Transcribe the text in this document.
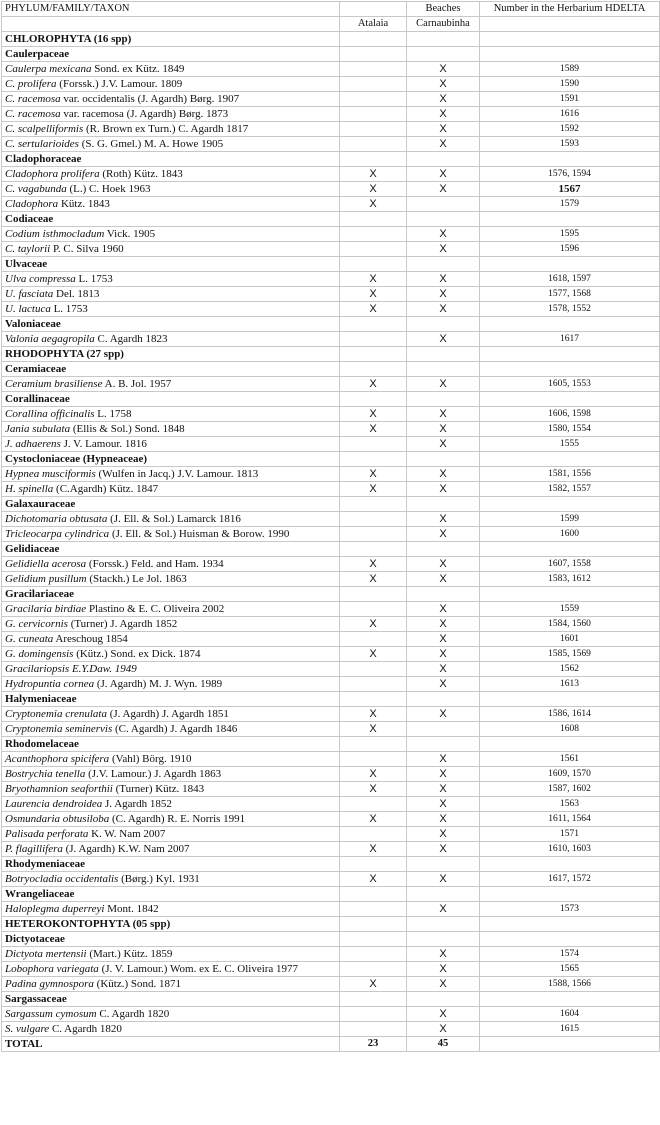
PHYLUM/FAMILY/TAXON		Beaches	Number in the Herbarium HDELTA
	Atalaia	Carnaubinha	
CHLOROPHYTA (16 spp)			
Caulerpaceae			
Caulerpa mexicana Sond. ex Kütz. 1849		X	1589
C. prolifera (Forssk.) J.V. Lamour. 1809		X	1590
C. racemosa var. occidentalis (J. Agardh) Børg. 1907		X	1591
C. racemosa var. racemosa (J. Agardh) Børg. 1873		X	1616
C. scalpelliformis (R. Brown ex Turn.) C. Agardh 1817		X	1592
C. sertularioides (S. G. Gmel.) M. A. Howe 1905		X	1593
Cladophoraceae			
Cladophora prolifera (Roth) Kütz. 1843	X	X	1576, 1594
C. vagabunda (L.) C. Hoek 1963	X	X	1567
Cladophora Kütz. 1843	X		1579
Codiaceae			
Codium isthmocladum Vick. 1905		X	1595
C. taylorii P. C. Silva 1960		X	1596
Ulvaceae			
Ulva compressa L. 1753	X	X	1618, 1597
U. fasciata Del. 1813	X	X	1577, 1568
U. lactuca L. 1753	X	X	1578, 1552
Valoniaceae			
Valonia aegagropila C. Agardh 1823		X	1617
RHODOPHYTA (27 spp)			
Ceramiaceae			
Ceramium brasiliense A. B. Jol. 1957	X	X	1605, 1553
Corallinaceae			
Corallina officinalis L. 1758	X	X	1606, 1598
Jania subulata (Ellis & Sol.) Sond. 1848	X	X	1580, 1554
J. adhaerens J. V. Lamour. 1816		X	1555
Cystocloniaceae (Hypneaceae)			
Hypnea musciformis (Wulfen in Jacq.) J.V. Lamour. 1813	X	X	1581, 1556
H. spinella (C.Agardh) Kütz. 1847	X	X	1582, 1557
Galaxauraceae			
Dichotomaria obtusata (J. Ell. & Sol.) Lamarck 1816		X	1599
Tricleocarpa cylindrica (J. Ell. & Sol.) Huisman & Borow. 1990		X	1600
Gelidiaceae			
Gelidiella acerosa (Forssk.) Feld. and Ham. 1934	X	X	1607, 1558
Gelidium pusillum (Stackh.) Le Jol. 1863	X	X	1583, 1612
Gracilariaceae			
Gracilaria birdiae Plastino & E. C. Oliveira 2002		X	1559
G. cervicornis (Turner) J. Agardh 1852	X	X	1584, 1560
G. cuneata Areschoug 1854		X	1601
G. domingensis (Kütz.) Sond. ex Dick. 1874	X	X	1585, 1569
Gracilariopsis E.Y.Daw. 1949		X	1562
Hydropuntia cornea (J. Agardh) M. J. Wyn. 1989		X	1613
Halymeniaceae			
Cryptonemia crenulata (J. Agardh) J. Agardh 1851	X	X	1586, 1614
Cryptonemia seminervis (C. Agardh) J. Agardh 1846	X		1608
Rhodomelaceae			
Acanthophora spicifera (Vahl) Börg. 1910		X	1561
Bostrychia tenella (J.V. Lamour.) J. Agardh 1863	X	X	1609, 1570
Bryothamnion seaforthii (Turner) Kütz. 1843	X	X	1587, 1602
Laurencia dendroidea J. Agardh 1852		X	1563
Osmundaria obtusiloba (C. Agardh) R. E. Norris 1991	X	X	1611, 1564
Palisada perforata K. W. Nam 2007		X	1571
P. flagillifera (J. Agardh) K.W. Nam 2007	X	X	1610, 1603
Rhodymeniaceae			
Botryocladia occidentalis (Børg.) Kyl. 1931	X	X	1617, 1572
Wrangeliaceae			
Haloplegma duperreyi Mont. 1842		X	1573
HETEROKONTOPHYTA (05 spp)			
Dictyotaceae			
Dictyota mertensii (Mart.) Kütz. 1859		X	1574
Lobophora variegata (J. V. Lamour.) Wom. ex E. C. Oliveira 1977		X	1565
Padina gymnospora (Kütz.) Sond. 1871	X	X	1588, 1566
Sargassaceae			
Sargassum cymosum C. Agardh 1820		X	1604
S. vulgare C. Agardh 1820		X	1615
TOTAL	23	45	
